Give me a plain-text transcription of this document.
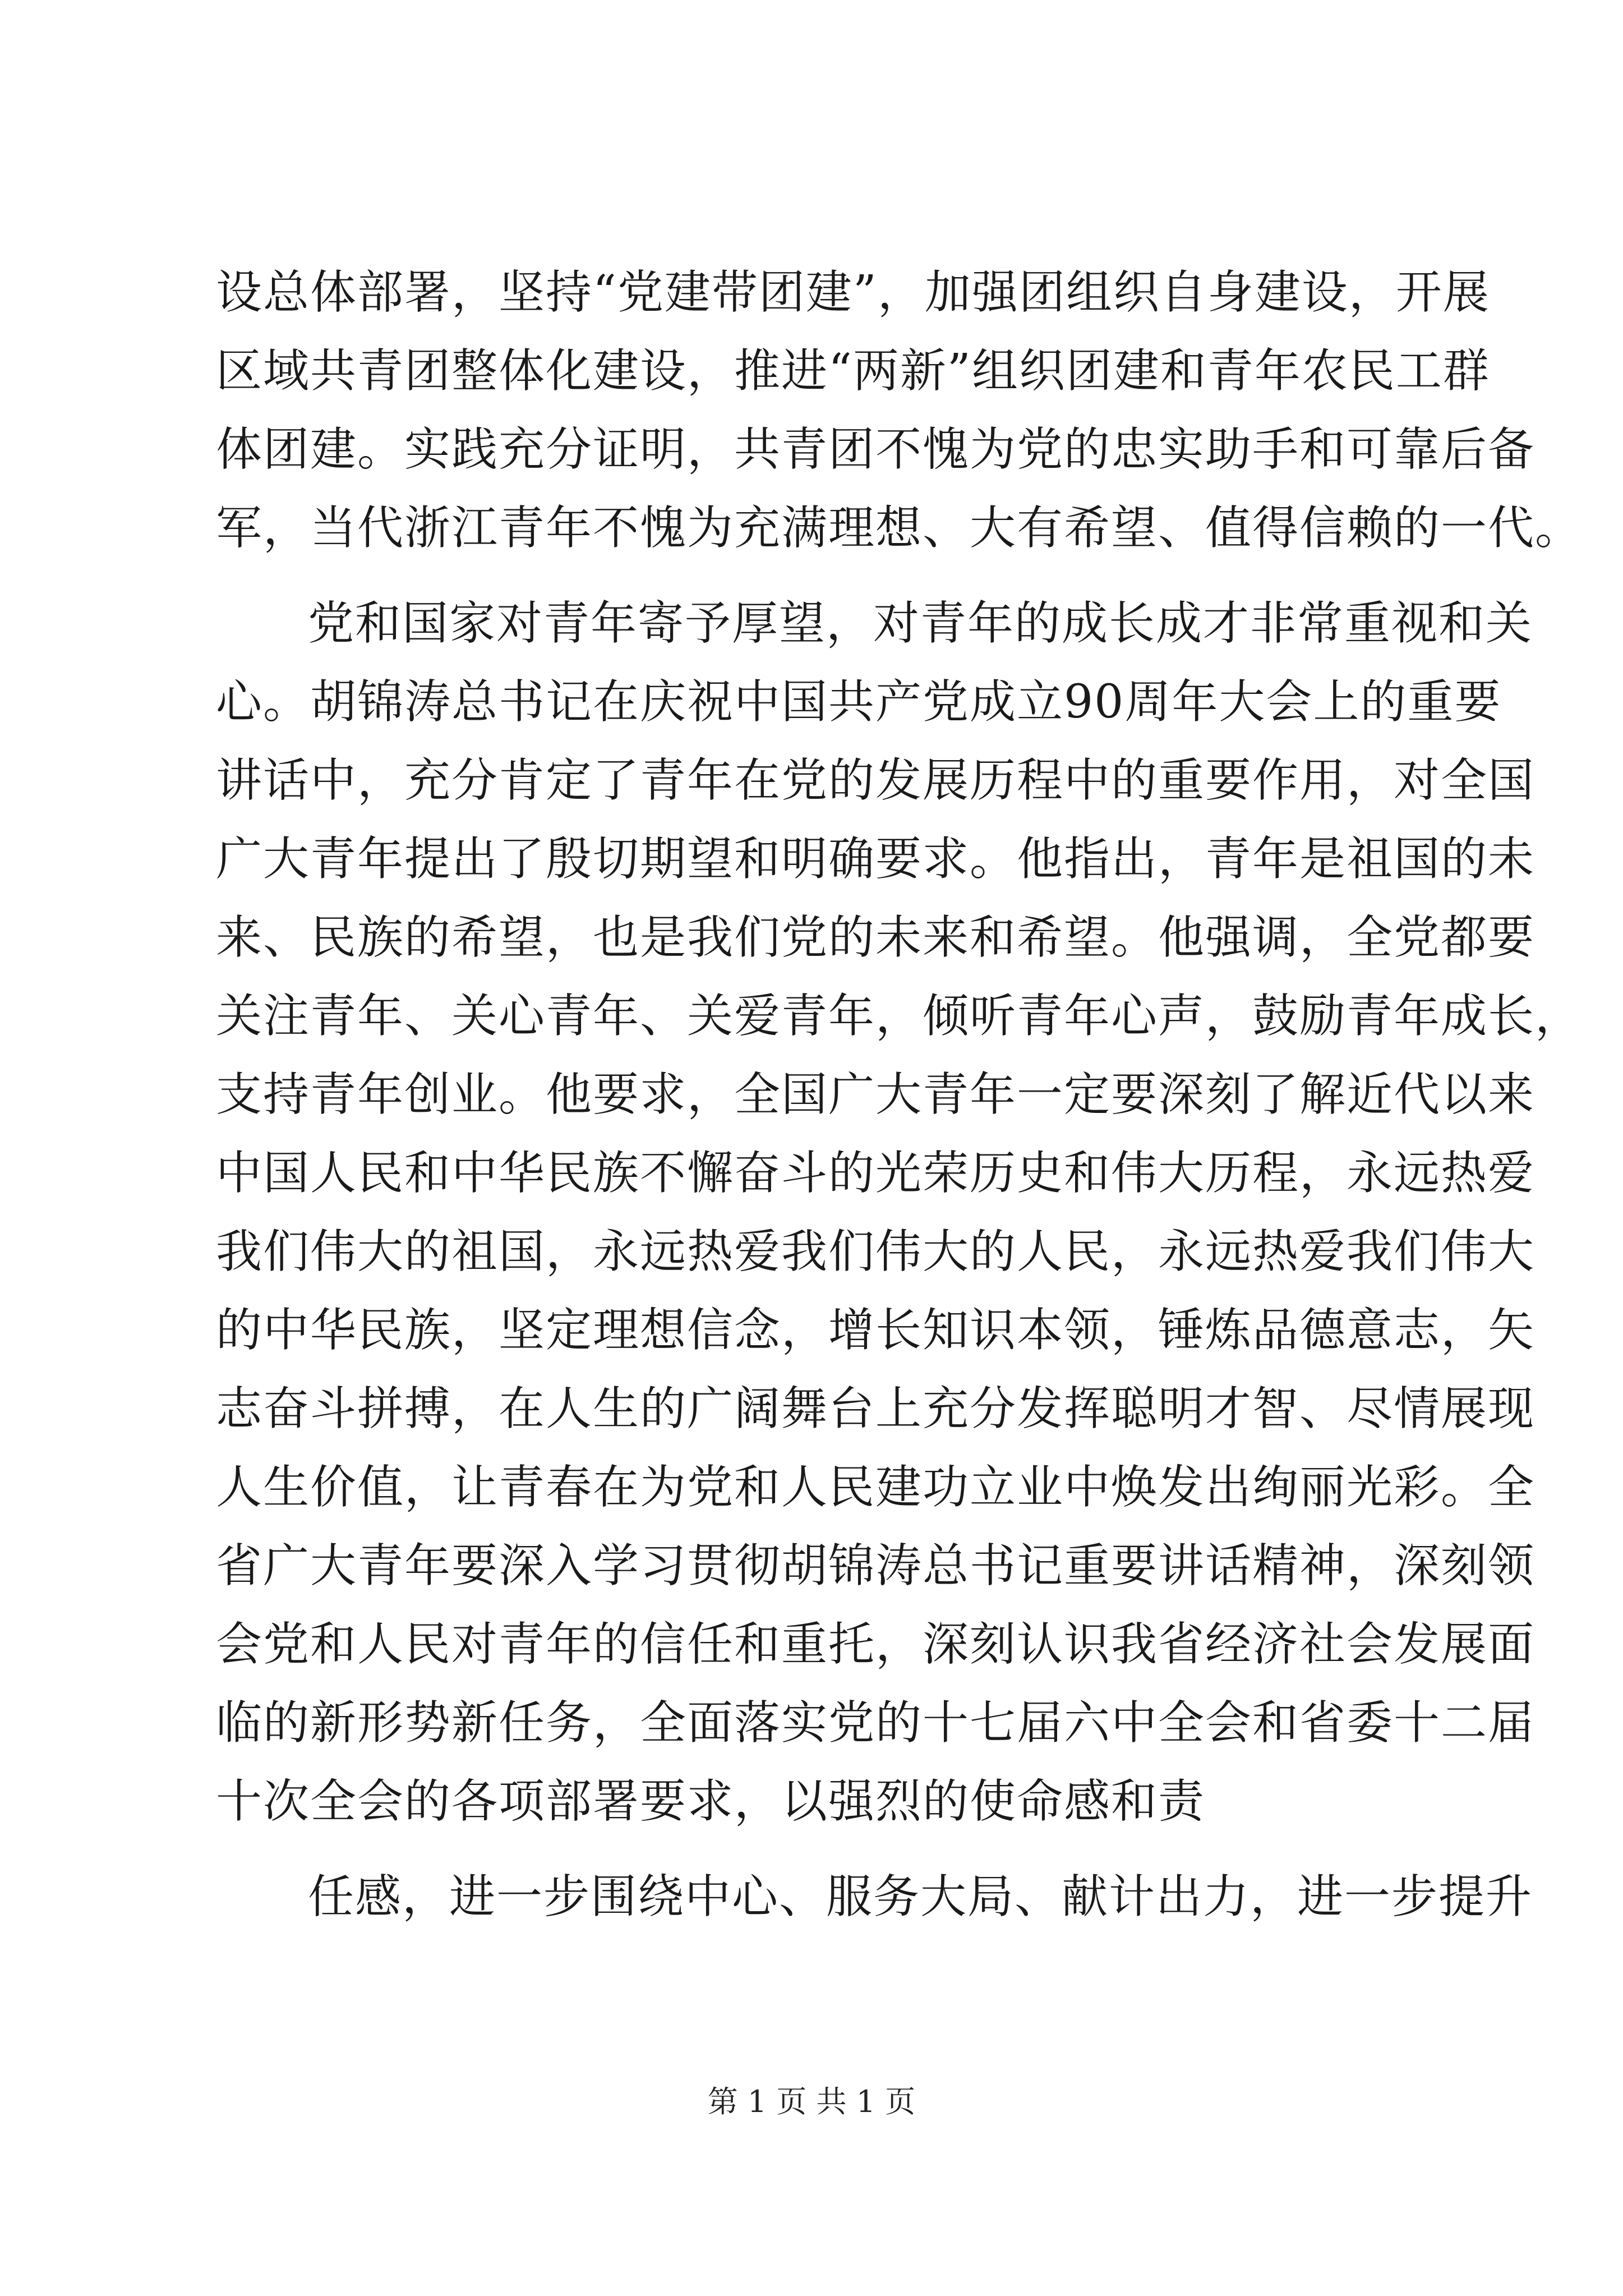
设总体部署，坚持“党建带团建”，加强团组织自身建设，开展
区域共青团整体化建设，推进“两新”组织团建和青年农民工群
体团建。实践充分证明，共青团不愧为党的忠实助手和可靠后备
军，当代浙江青年不愧为充满理想、大有希望、值得信赖的一代。
党和国家对青年寄予厚望，对青年的成长成才非常重视和关
心。胡锦涛总书记在庆祝中国共产党成立90周年大会上的重要
讲话中，充分肯定了青年在党的发展历程中的重要作用，对全国
广大青年提出了殷切期望和明确要求。他指出，青年是祖国的未
来、民族的希望，也是我们党的未来和希望。他强调，全党都要
关注青年、关心青年、关爱青年，倾听青年心声，鼓励青年成长，
支持青年创业。他要求，全国广大青年一定要深刻了解近代以来
中国人民和中华民族不懈奋斗的光荣历史和伟大历程，永远热爱
我们伟大的祖国，永远热爱我们伟大的人民，永远热爱我们伟大
的中华民族，坚定理想信念，增长知识本领，锤炼品德意志，矢
志奋斗拼搏，在人生的广阔舞台上充分发挥聪明才智、尽情展现
人生价值，让青春在为党和人民建功立业中焕发出绚丽光彩。全
省广大青年要深入学习贯彻胡锦涛总书记重要讲话精神，深刻领
会党和人民对青年的信任和重托，深刻认识我省经济社会发展面
临的新形势新任务，全面落实党的十七届六中全会和省委十二届
十次全会的各项部署要求，以强烈的使命感和责
任感，进一步围绕中心、服务大局、献计出力，进一步提升
第 1 页 共 1 页
